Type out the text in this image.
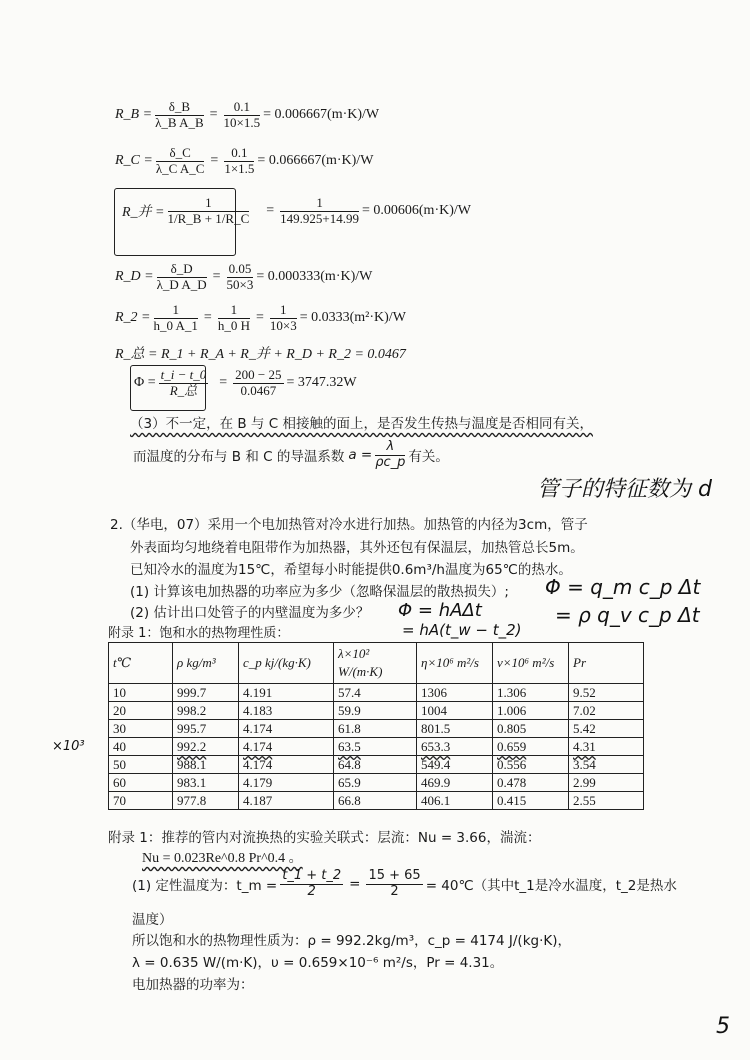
R_B = $\frac{\delta\_B}{\text{λ\_B A\_B}} = \frac{0.1}{10\times 1.5} = 0.006667(m\cdot K)/W$
R_C = $\frac{\delta\_C}{\text{λ\_C A\_C}} = \frac{0.1}{1\times 1.5} = 0.066667(m\cdot K)/W$
R_并 = $\frac{1}{1/R\_B + 1/R\_C} = \frac{1}{149.925+14.99} = 0.00606(m\cdot K)/W$
R_D = $\frac{\delta\_D}{\text{λ\_D A\_D}} = \frac{0.05}{50\times 3} = 0.000333(m\cdot K)/W$
R_2 = $\frac{1}{h\_0 A\_1} = \frac{1}{h\_0 H} = \frac{1}{10\times 3} = 0.0333(m^2\cdot K)/W$
R_总 = R_1 + R_A + R_并 + R_D + R_2 = 0.0467
$\Phi = \frac{t\_i - t\_0}{\text{R\_总}} = \frac{200 - 25}{0.0467} = 3747.32W$
（3）不一定，在 B 与 C 相接触的面上，是否发生传热与温度是否相同有关，
而温度的分布与 B 和 C 的导温系数 $a = \frac{\lambda}{\rho c\_p}$ 有关。
管子的特征数为 d
Φ = q_m c_p Δt
= ρ q_v c_p Δt
Φ = hAΔt
= hA(t_w − t_2)
×10³
2.（华电，07）采用一个电加热管对冷水进行加热。加热管的内径为3cm，管子
外表面均匀地绕着电阻带作为加热器，其外还包有保温层，加热管总长5m。
已知冷水的温度为15℃，希望每小时能提供0.6m³/h温度为65℃的热水。
(1) 计算该电加热器的功率应为多少（忽略保温层的散热损失）;
(2) 估计出口处管子的内壁温度为多少？
附录 1：饱和水的热物理性质：
t℃	ρ kg/m³	c_p kj/(kg·K)	λ×10² W/(m·K)	η×10⁶ m²/s	ν×10⁶ m²/s	Pr
10	999.7	4.191	57.4	1306	1.306	9.52
20	998.2	4.183	59.9	1004	1.006	7.02
30	995.7	4.174	61.8	801.5	0.805	5.42
40	992.2	4.174	63.5	653.3	0.659	4.31
50	988.1	4.174	64.8	549.4	0.556	3.54
60	983.1	4.179	65.9	469.9	0.478	2.99
70	977.8	4.187	66.8	406.1	0.415	2.55
附录 1：推荐的管内对流换热的实验关联式：层流：Nu = 3.66，湍流：
Nu = 0.023Re^0.8 Pr^0.4 。
(1) 定性温度为：t_m = $\frac{t\_1 + t\_2}{2} = \frac{15 + 65}{2}$ = 40℃（其中t_1是冷水温度，t_2是热水
温度）
所以饱和水的热物理性质为：ρ = 992.2kg/m³，c_p = 4174 J/(kg·K)，
λ = 0.635 W/(m·K)，υ = 0.659×10⁻⁶ m²/s，Pr = 4.31。
电加热器的功率为：
5
